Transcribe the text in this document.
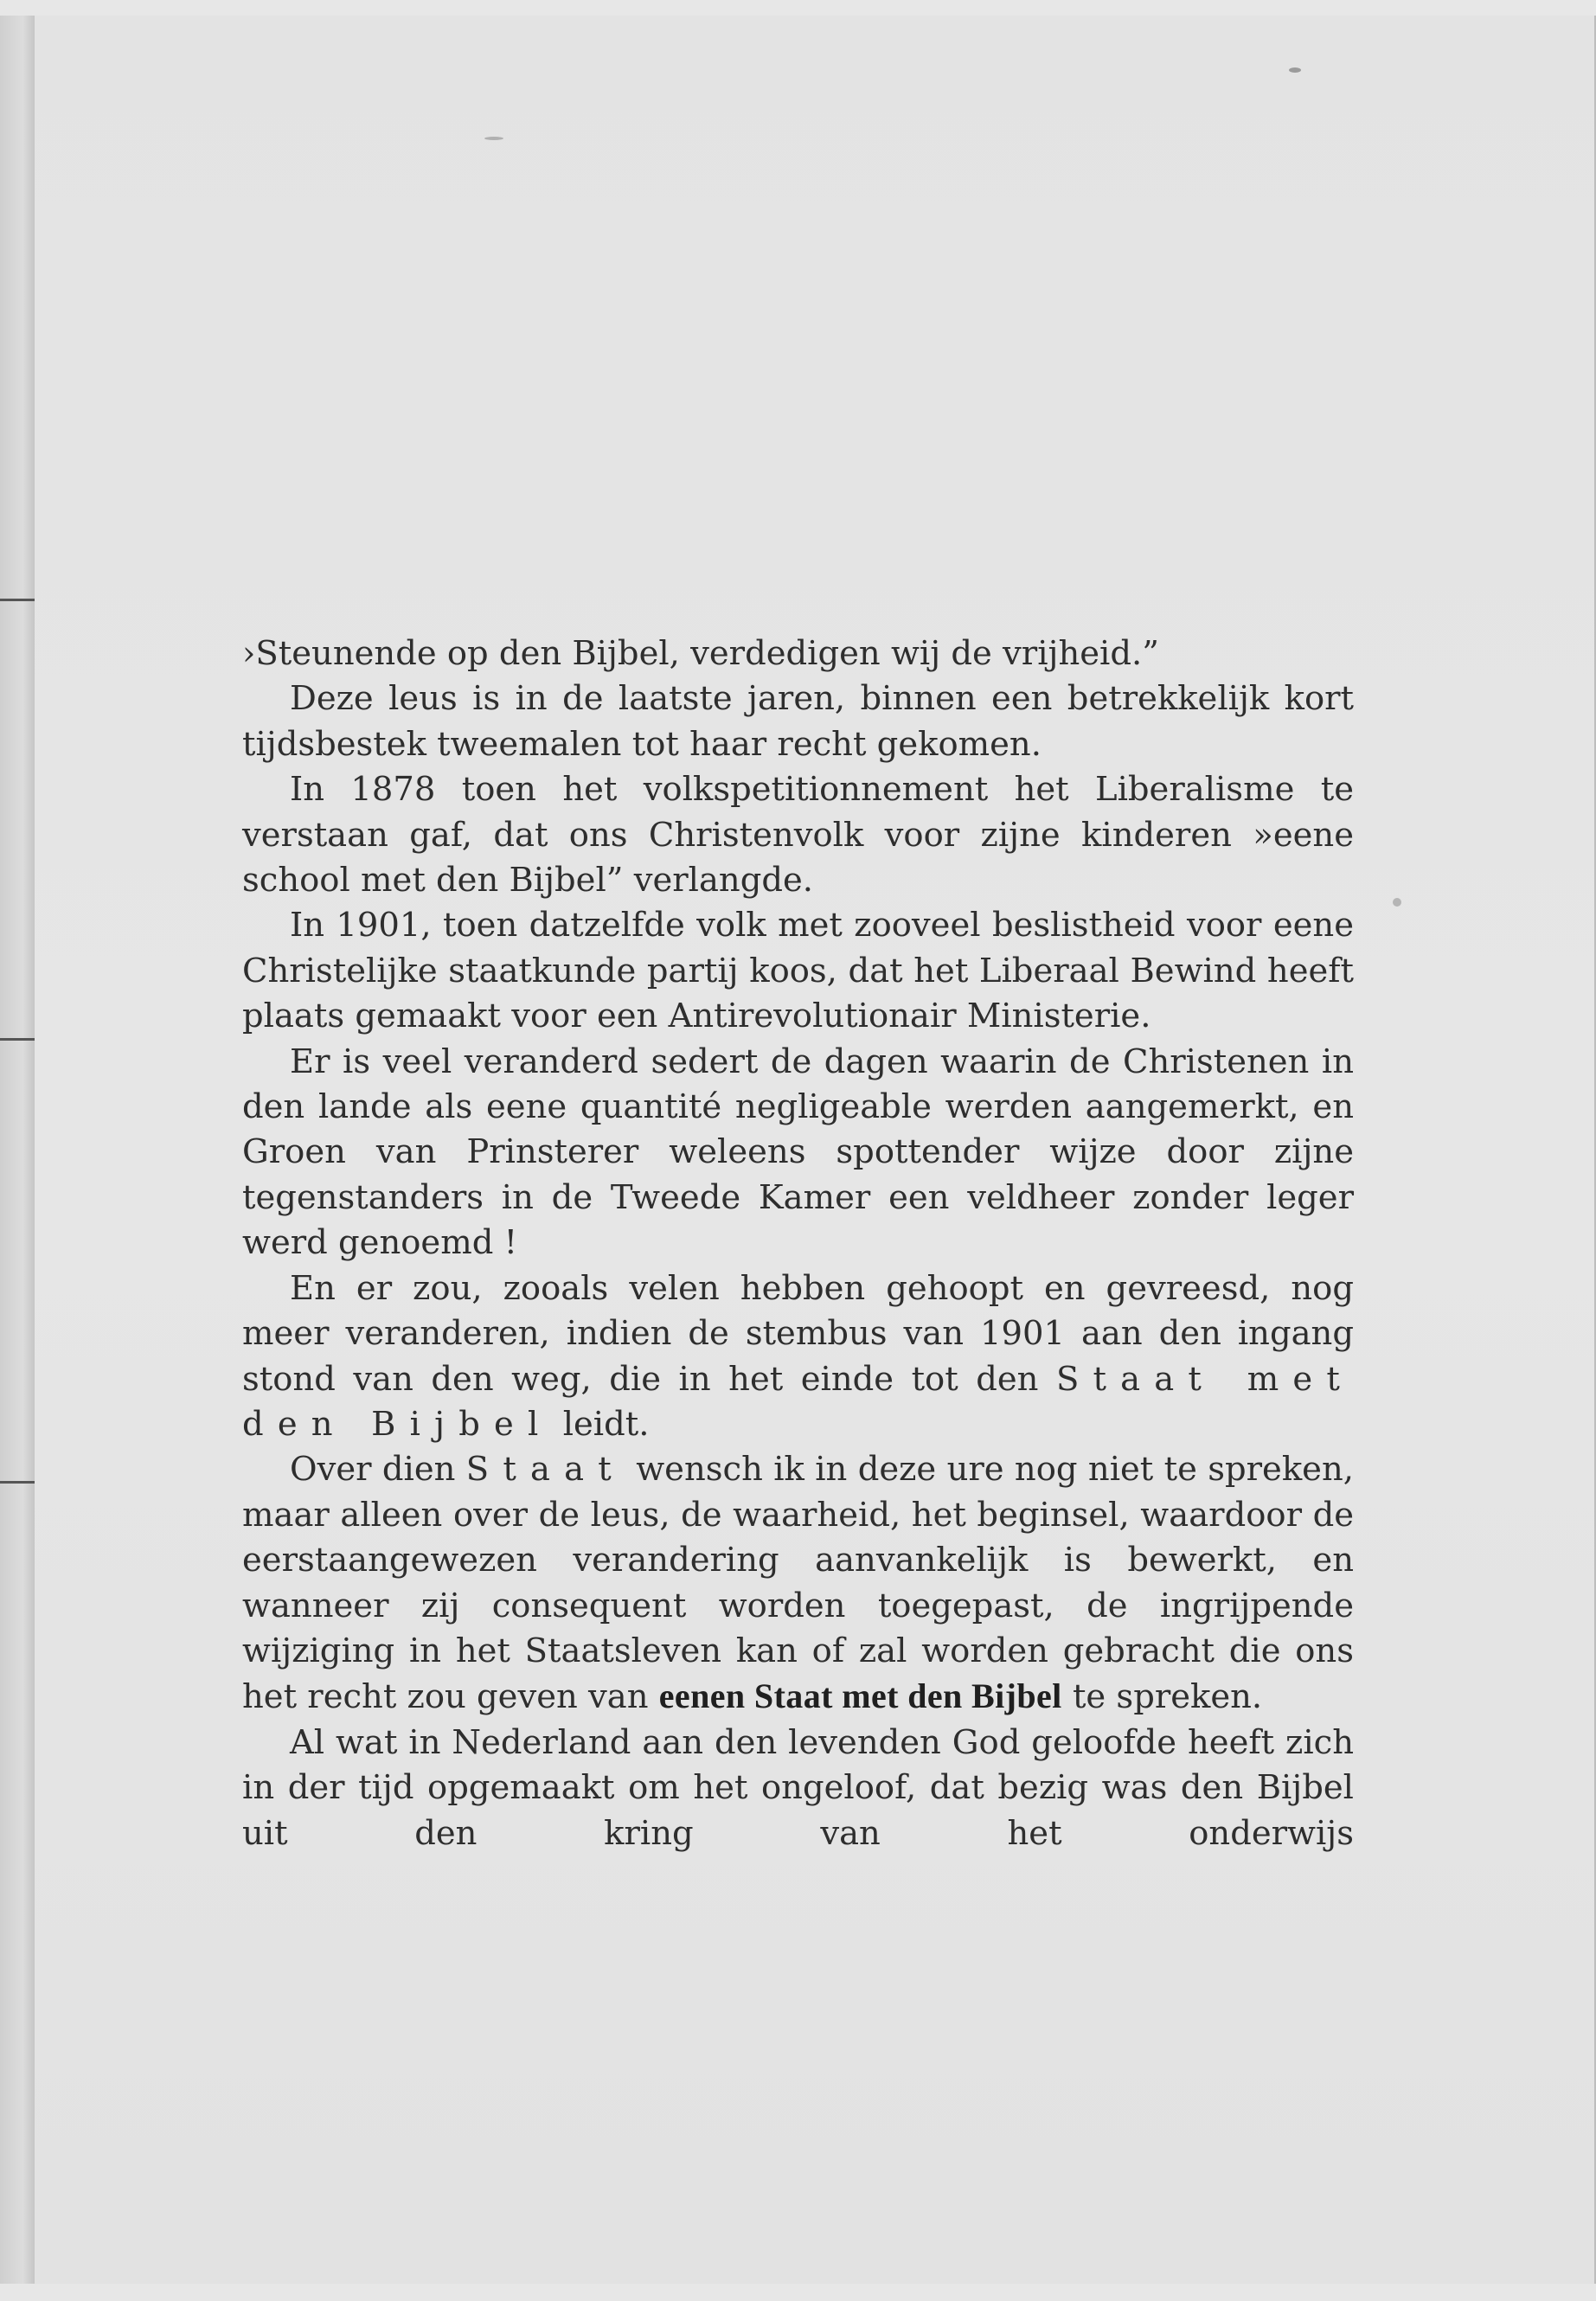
›Steunende op den Bijbel, verdedigen wij de vrijheid.”

Deze leus is in de laatste jaren, binnen een betrekkelijk kort tijdsbestek tweemalen tot haar recht gekomen.

In 1878 toen het volkspetitionnement het Liberalisme te verstaan gaf, dat ons Christenvolk voor zijne kinderen »eene school met den Bijbel” verlangde.

In 1901, toen datzelfde volk met zooveel beslistheid voor eene Christelijke staatkunde partij koos, dat het Liberaal Bewind heeft plaats gemaakt voor een Antirevolutionair Ministerie.

Er is veel veranderd sedert de dagen waarin de Christenen in den lande als eene quantité negligeable werden aangemerkt, en Groen van Prinsterer weleens spottender wijze door zijne tegenstanders in de Tweede Kamer een veldheer zonder leger werd genoemd !

En er zou, zooals velen hebben gehoopt en gevreesd, nog meer veranderen, indien de stembus van 1901 aan den ingang stond van den weg, die in het einde tot den Staat met den Bijbel leidt.

Over dien Staat wensch ik in deze ure nog niet te spreken, maar alleen over de leus, de waarheid, het beginsel, waardoor de eerstaangewezen verandering aanvankelijk is bewerkt, en wanneer zij consequent worden toegepast, de ingrijpende wijziging in het Staatsleven kan of zal worden gebracht die ons het recht zou geven van eenen Staat met den Bijbel te spreken.

Al wat in Nederland aan den levenden God geloofde heeft zich in der tijd opgemaakt om het ongeloof, dat bezig was den Bijbel uit den kring van het onderwijs
